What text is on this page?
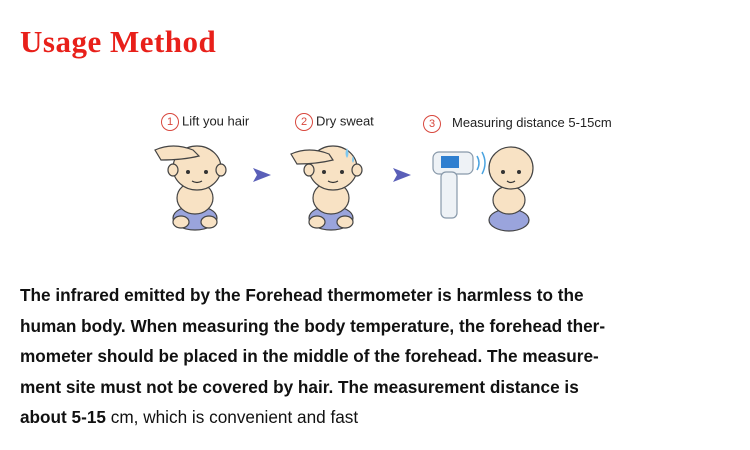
Usage Method
1 Lift you hair	2 Dry sweat	3 Measuring distance 5-15cm
The infrared emitted by the Forehead thermometer is harmless to the
human body. When measuring the body temperature, the forehead ther-
mometer should be placed in the middle of the forehead. The measure-
ment site must not be covered by hair. The measurement distance is
about 5-15 cm, which is convenient and fast
